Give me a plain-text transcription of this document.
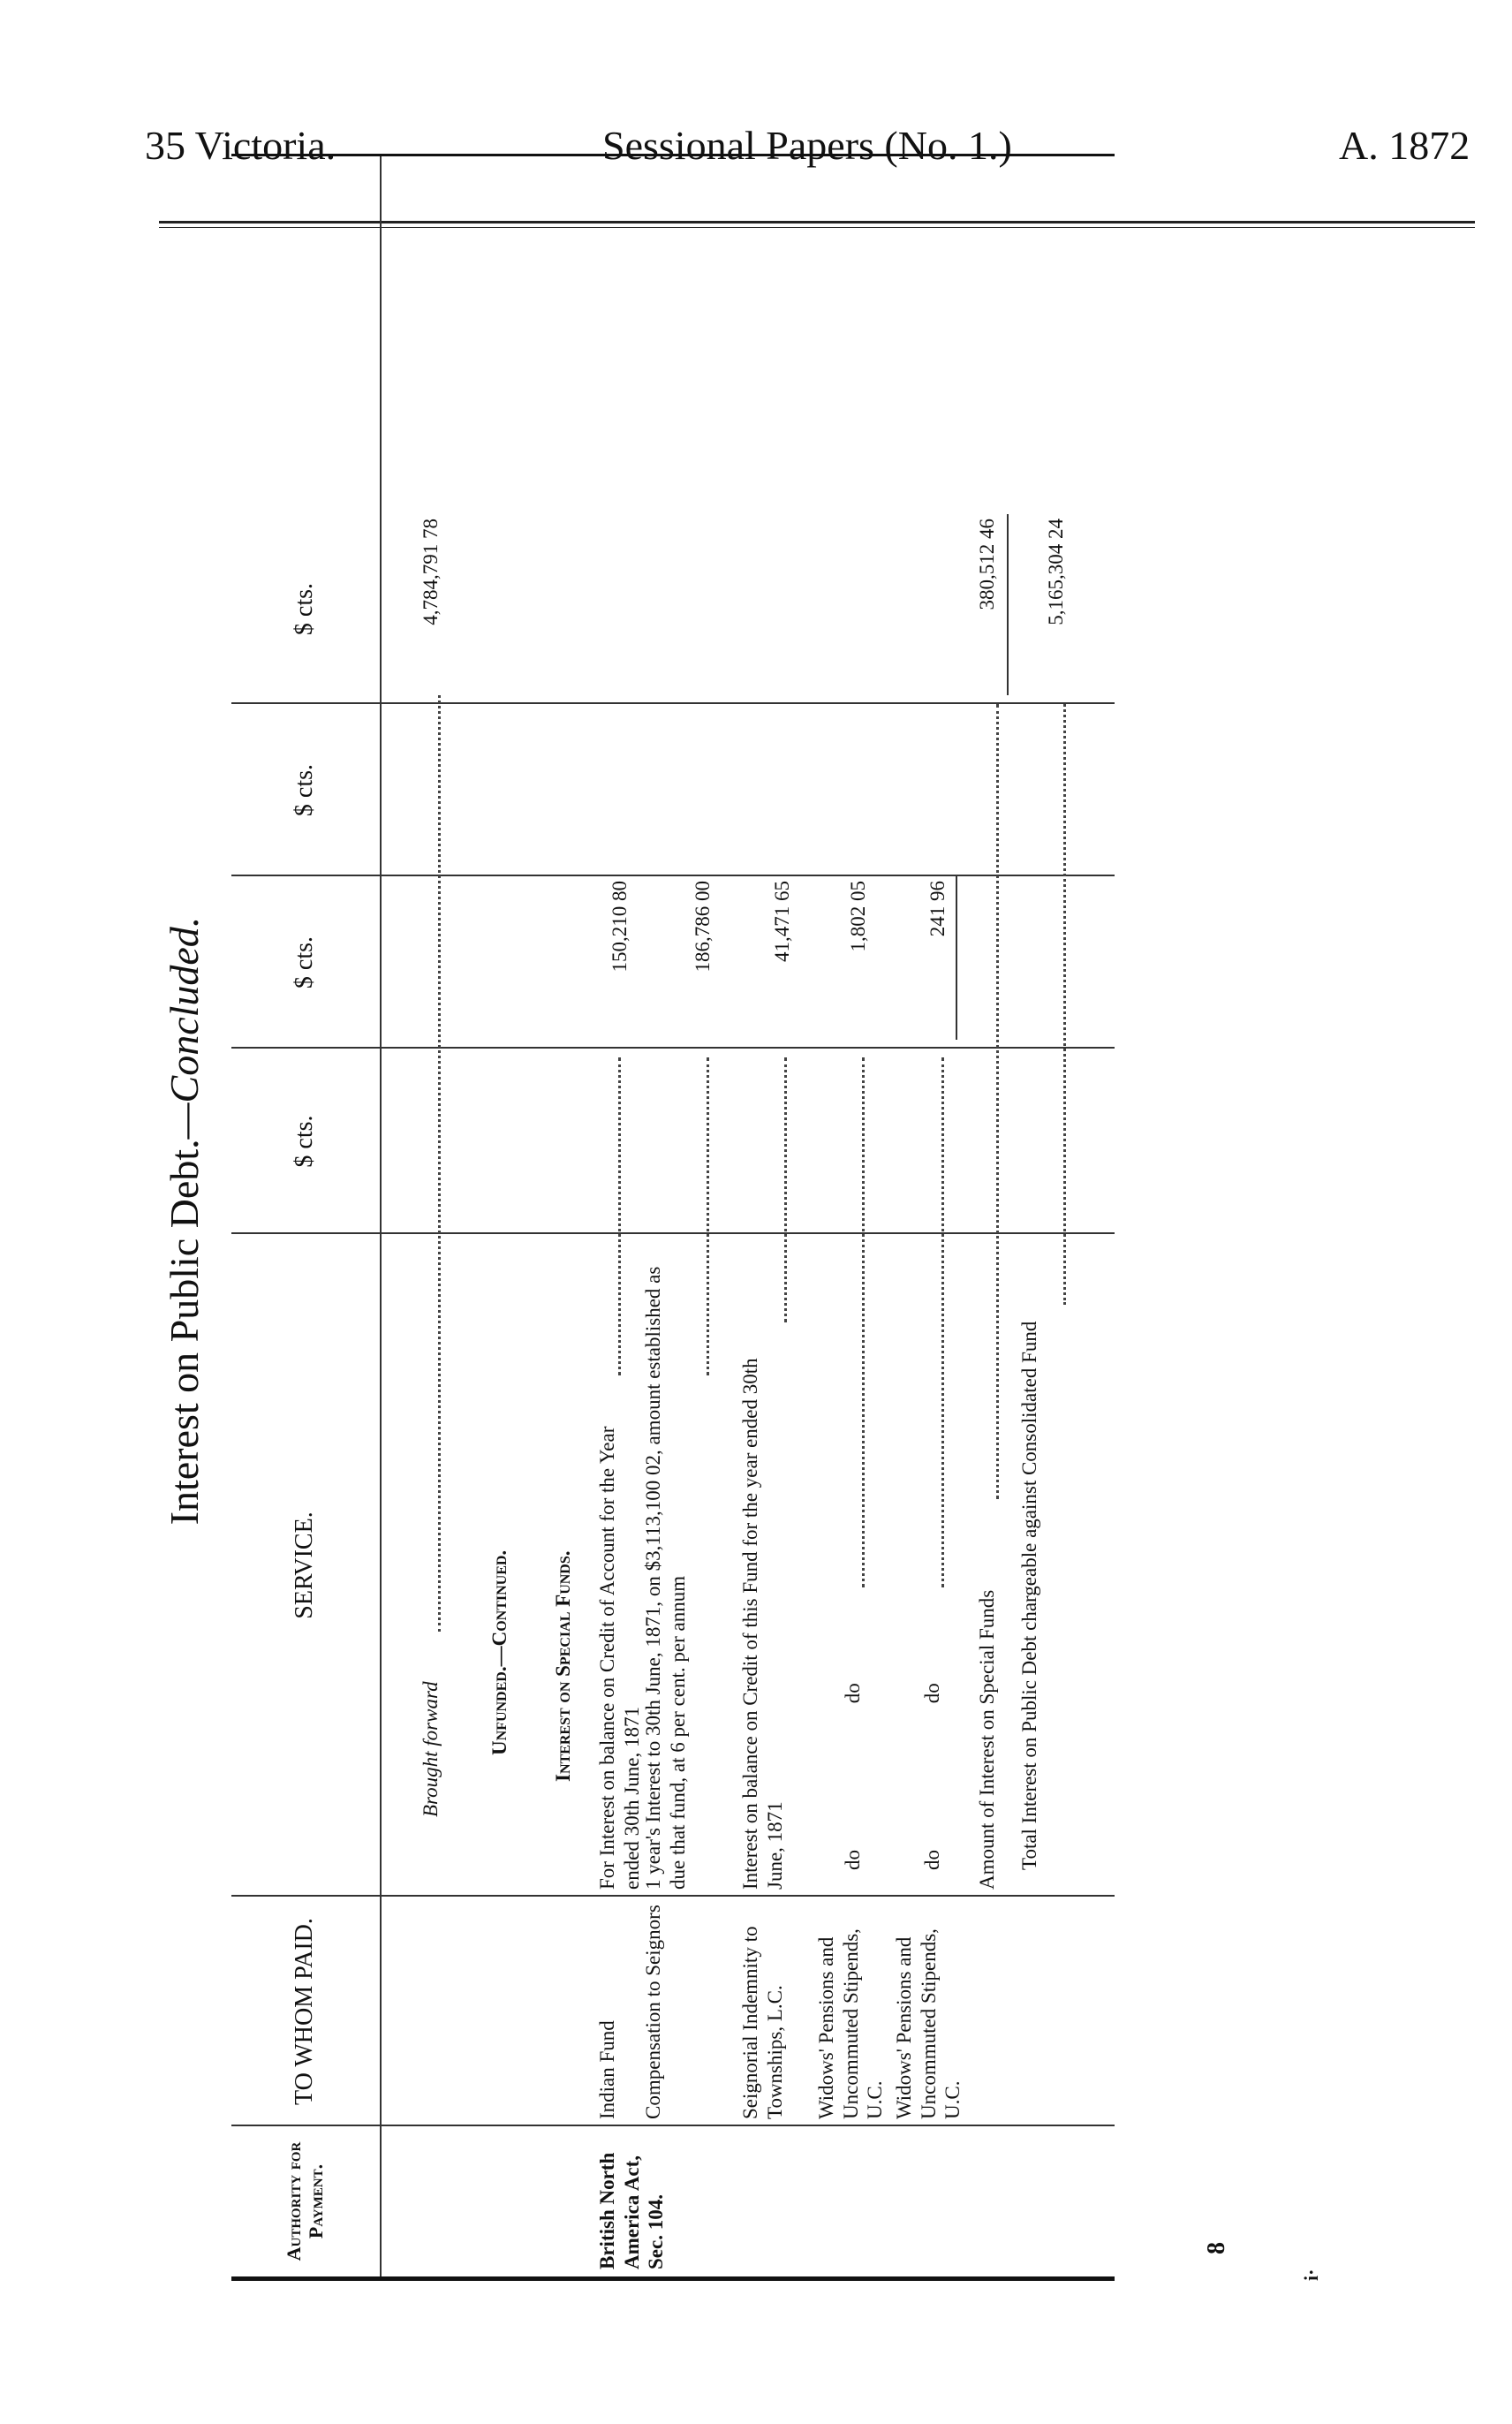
35 Victoria.	Sessional Papers (No. 1.)	A. 1872
Interest on Public Debt.—Concluded.
Authority for Payment.
TO WHOM PAID.
SERVICE.
$ cts.
$ cts.
$ cts.
$ cts.
Brought forward
4,784,791 78
Unfunded.—Continued. Interest on Special Funds.
British North America Act, Sec. 104.
Indian Fund
For Interest on balance on Credit of Account for the Year ended 30th June, 1871
150,210 80
Compensation to Seignors
1 year's Interest to 30th June, 1871, on $3,113,100 02, amount established as due that fund, at 6 per cent. per annum
186,786 00
Seignorial Indemnity to Townships, L.C.
Interest on balance on Credit of this Fund for the year ended 30th June, 1871
41,471 65
Widows' Pensions and Uncommuted Stipends, U.C.
do do
1,802 05
Widows' Pensions and Uncommuted Stipends, U.C.
do do
241 96
Amount of Interest on Special Funds
380,512 46
Total Interest on Public Debt chargeable against Consolidated Fund
5,165,304 24
8
i·
